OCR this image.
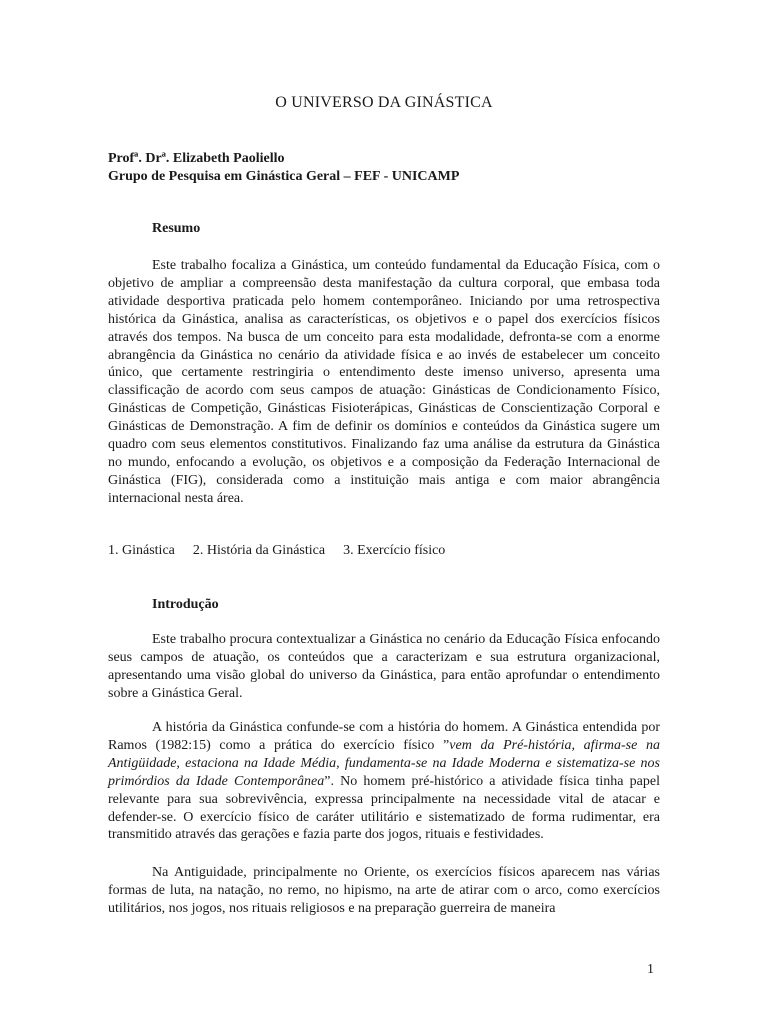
O UNIVERSO DA GINÁSTICA
Profª. Drª. Elizabeth Paoliello
Grupo de Pesquisa em Ginástica Geral – FEF - UNICAMP
Resumo

Este trabalho focaliza a Ginástica, um conteúdo fundamental da Educação Física, com o objetivo de ampliar a compreensão desta manifestação da cultura corporal, que embasa toda atividade desportiva praticada pelo homem contemporâneo. Iniciando por uma retrospectiva histórica da Ginástica, analisa as características, os objetivos e o papel dos exercícios físicos através dos tempos. Na busca de um conceito para esta modalidade, defronta-se com a enorme abrangência da Ginástica no cenário da atividade física e ao invés de estabelecer um conceito único, que certamente restringiria o entendimento deste imenso universo, apresenta uma classificação de acordo com seus campos de atuação: Ginásticas de Condicionamento Físico, Ginásticas de Competição, Ginásticas Fisioterápicas, Ginásticas de Conscientização Corporal e Ginásticas de Demonstração. A fim de definir os domínios e conteúdos da Ginástica sugere um quadro com seus elementos constitutivos. Finalizando faz uma análise da estrutura da Ginástica no mundo, enfocando a evolução, os objetivos e a composição da Federação Internacional de Ginástica (FIG), considerada como a instituição mais antiga e com maior abrangência internacional nesta área.

1. Ginástica 2. História da Ginástica 3. Exercício físico
Introdução

Este trabalho procura contextualizar a Ginástica no cenário da Educação Física enfocando seus campos de atuação, os conteúdos que a caracterizam e sua estrutura organizacional, apresentando uma visão global do universo da Ginástica, para então aprofundar o entendimento sobre a Ginástica Geral.

A história da Ginástica confunde-se com a história do homem. A Ginástica entendida por Ramos (1982:15) como a prática do exercício físico ”vem da Pré-história, afirma-se na Antigüidade, estaciona na Idade Média, fundamenta-se na Idade Moderna e sistematiza-se nos primórdios da Idade Contemporânea”. No homem pré-histórico a atividade física tinha papel relevante para sua sobrevivência, expressa principalmente na necessidade vital de atacar e defender-se. O exercício físico de caráter utilitário e sistematizado de forma rudimentar, era transmitido através das gerações e fazia parte dos jogos, rituais e festividades.

Na Antiguidade, principalmente no Oriente, os exercícios físicos aparecem nas várias formas de luta, na natação, no remo, no hipismo, na arte de atirar com o arco, como exercícios utilitários, nos jogos, nos rituais religiosos e na preparação guerreira de maneira

1
